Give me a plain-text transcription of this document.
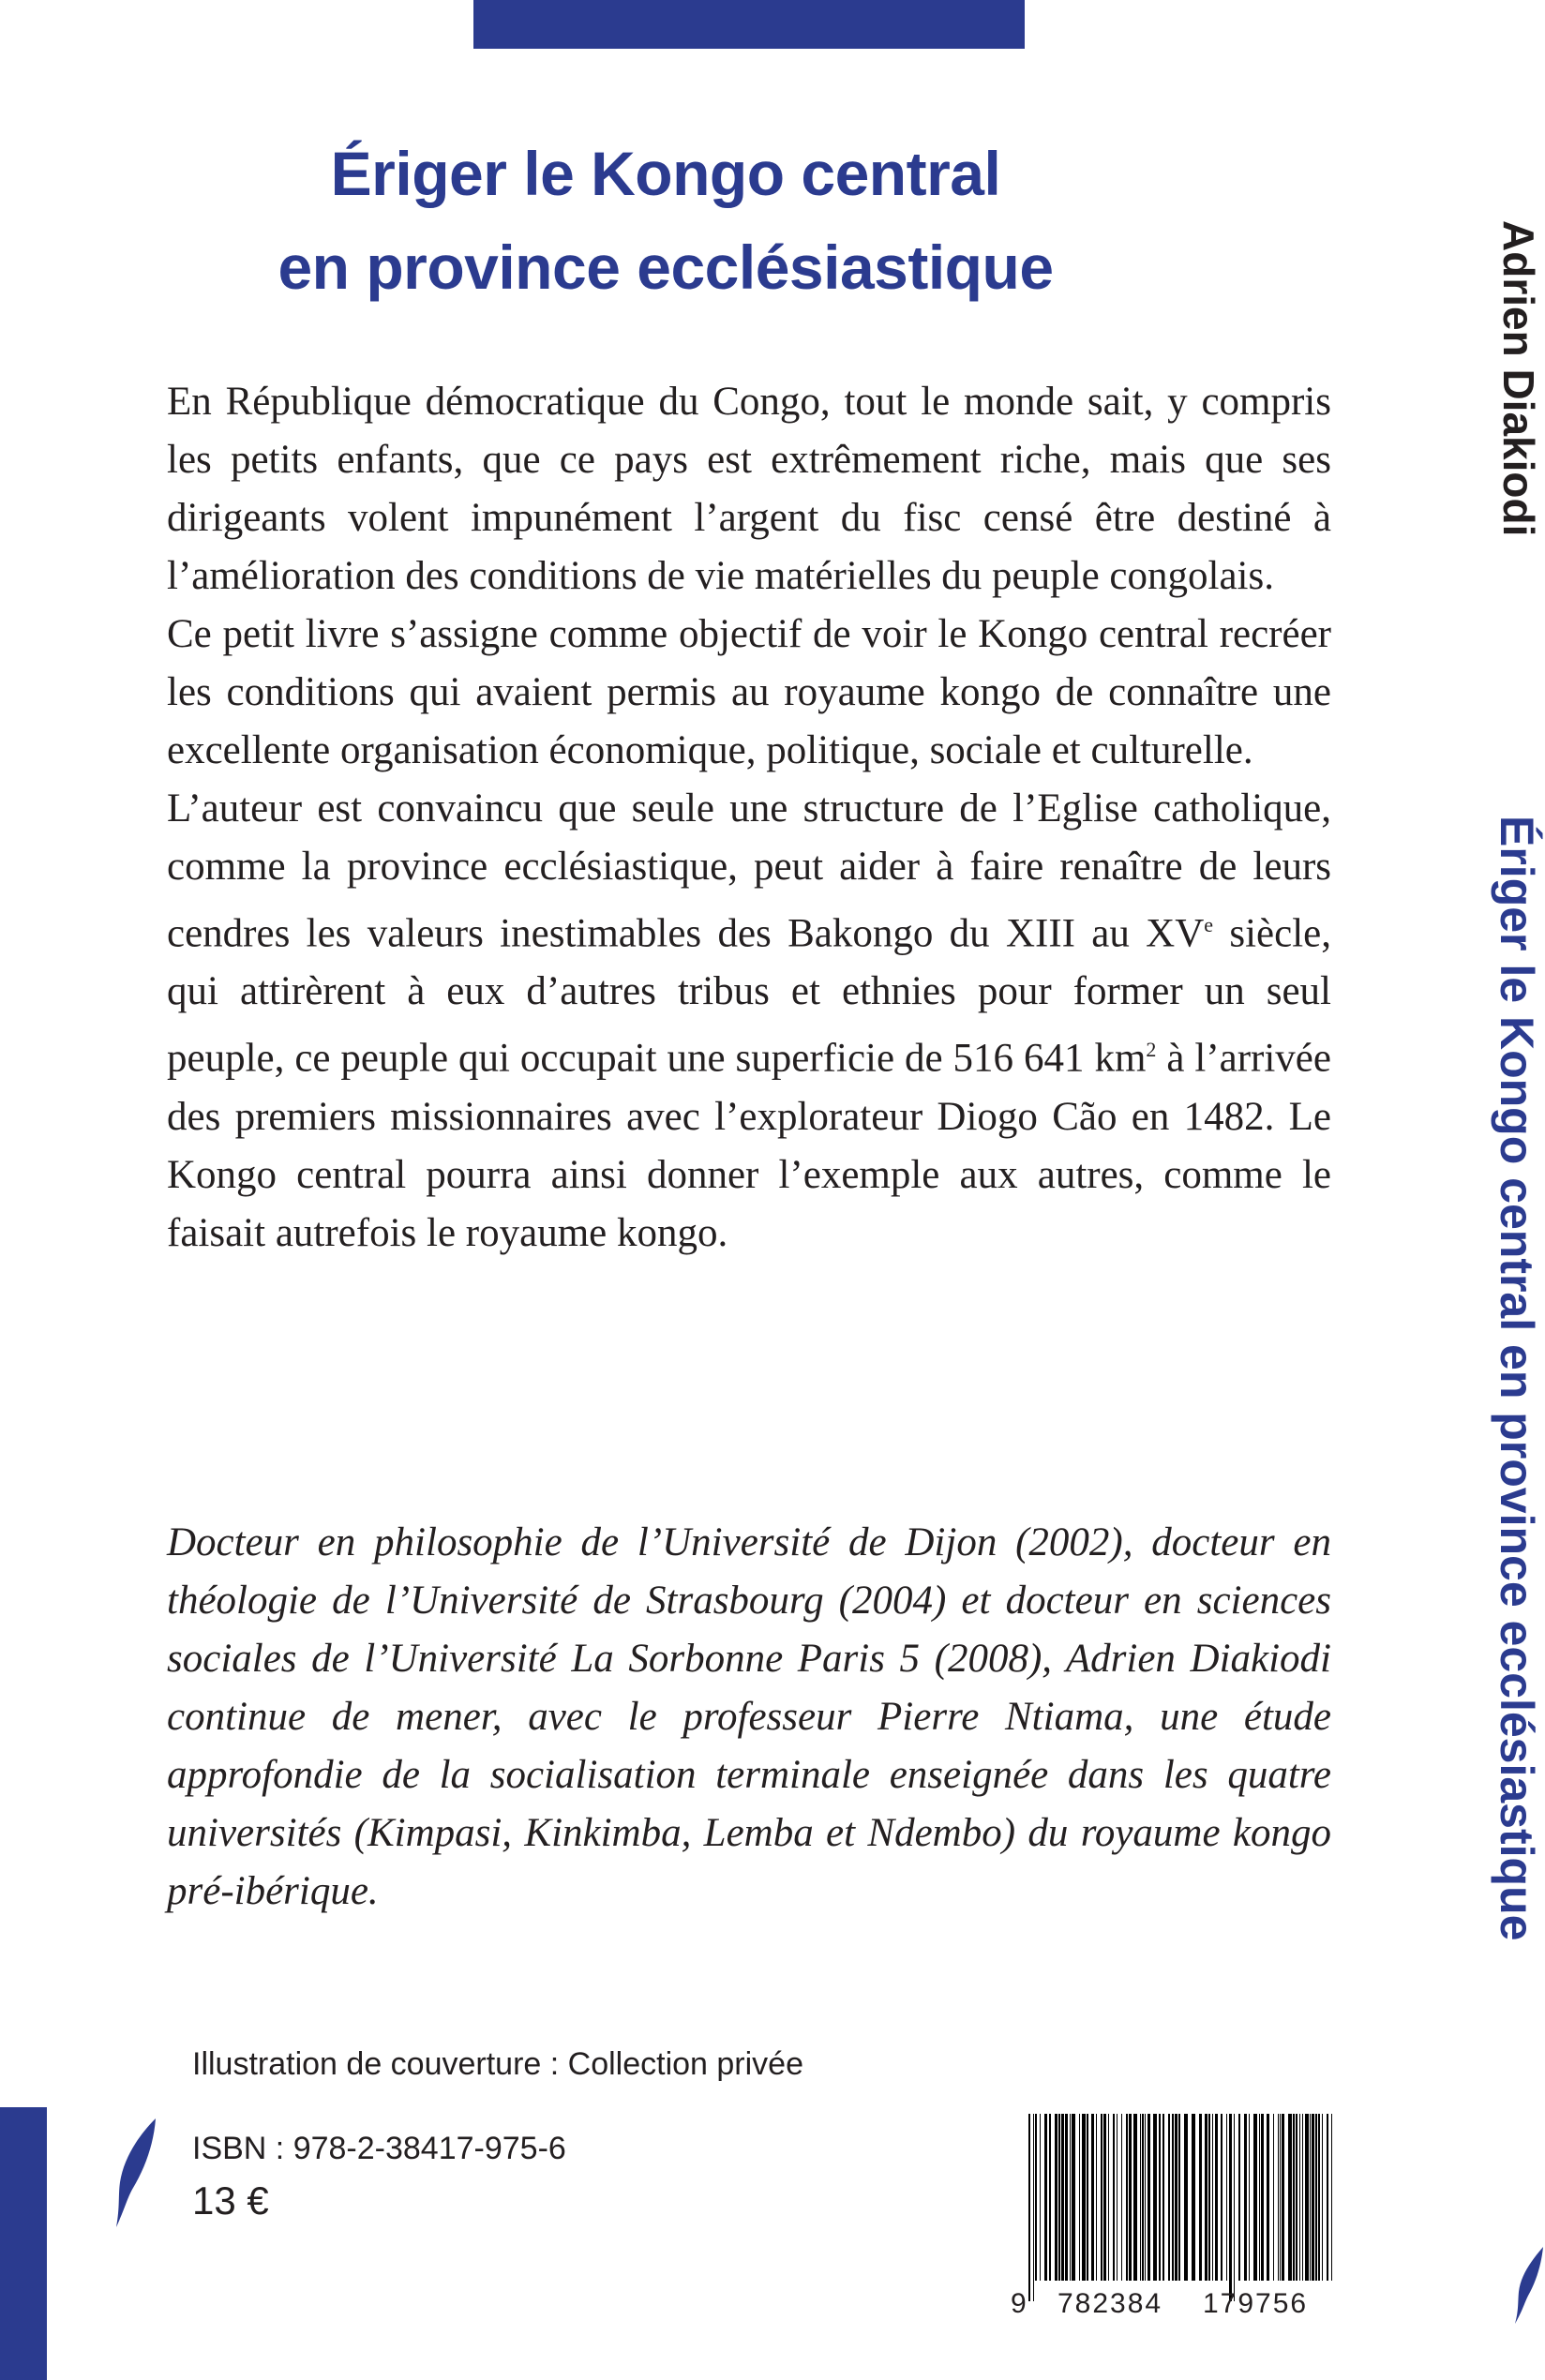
Ériger le Kongo central
en province ecclésiastique

En République démocratique du Congo, tout le monde sait, y compris les petits enfants, que ce pays est extrêmement riche, mais que ses dirigeants volent impunément l’argent du fisc censé être destiné à l’amélioration des conditions de vie matérielles du peuple congolais.

Ce petit livre s’assigne comme objectif de voir le Kongo central recréer les conditions qui avaient permis au royaume kongo de connaître une excellente organisation économique, politique, sociale et culturelle.

L’auteur est convaincu que seule une structure de l’Eglise catholique, comme la province ecclésiastique, peut aider à faire renaître de leurs cendres les valeurs inestimables des Bakongo du XIII au XVe siècle, qui attirèrent à eux d’autres tribus et ethnies pour former un seul peuple, ce peuple qui occupait une superficie de 516 641 $km^2$ à l’arrivée des premiers missionnaires avec l’explorateur Diogo Cão en 1482. Le Kongo central pourra ainsi donner l’exemple aux autres, comme le faisait autrefois le royaume kongo.

Docteur en philosophie de l’Université de Dijon (2002), docteur en théologie de l’Université de Strasbourg (2004) et docteur en sciences sociales de l’Université La Sorbonne Paris 5 (2008), Adrien Diakiodi continue de mener, avec le professeur Pierre Ntiama, une étude approfondie de la socialisation terminale enseignée dans les quatre universités (Kimpasi, Kinkimba, Lemba et Ndembo) du royaume kongo pré-ibérique.
Illustration de couverture : Collection privée
ISBN : 978-2-38417-975-6
13 €
9 782384 179756
Adrien Diakiodi
Ériger le Kongo central en province ecclésiastique
